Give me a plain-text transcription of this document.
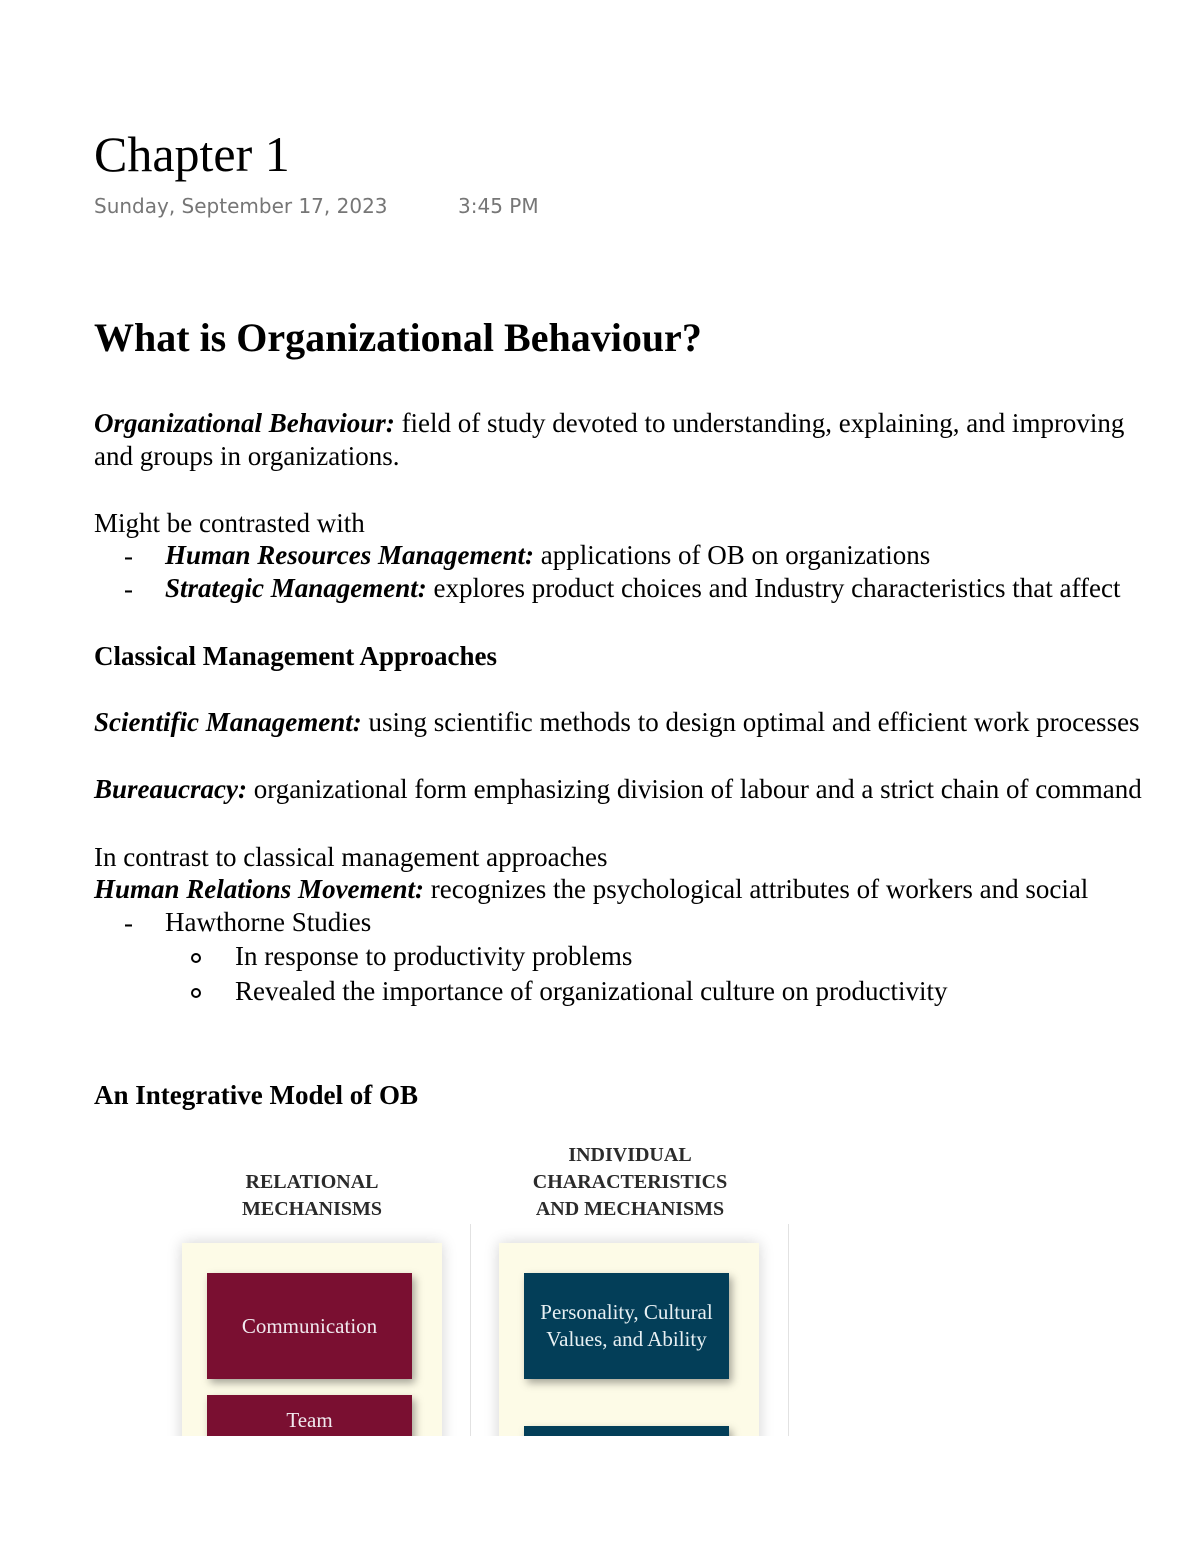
Chapter 1
Sunday, September 17, 2023	3:45 PM
What is Organizational Behaviour?
Organizational Behaviour: field of study devoted to understanding, explaining, and improving
and groups in organizations.
Might be contrasted with
- Human Resources Management: applications of OB on organizations
- Strategic Management: explores product choices and Industry characteristics that affect
Classical Management Approaches
Scientific Management: using scientific methods to design optimal and efficient work processes
Bureaucracy: organizational form emphasizing division of labour and a strict chain of command
In contrast to classical management approaches
Human Relations Movement: recognizes the psychological attributes of workers and social
- Hawthorne Studies
In response to productivity problems
Revealed the importance of organizational culture on productivity
An Integrative Model of OB
RELATIONAL
MECHANISMS
INDIVIDUAL
CHARACTERISTICS
AND MECHANISMS
Communication
Team
Personality, Cultural Values, and Ability
